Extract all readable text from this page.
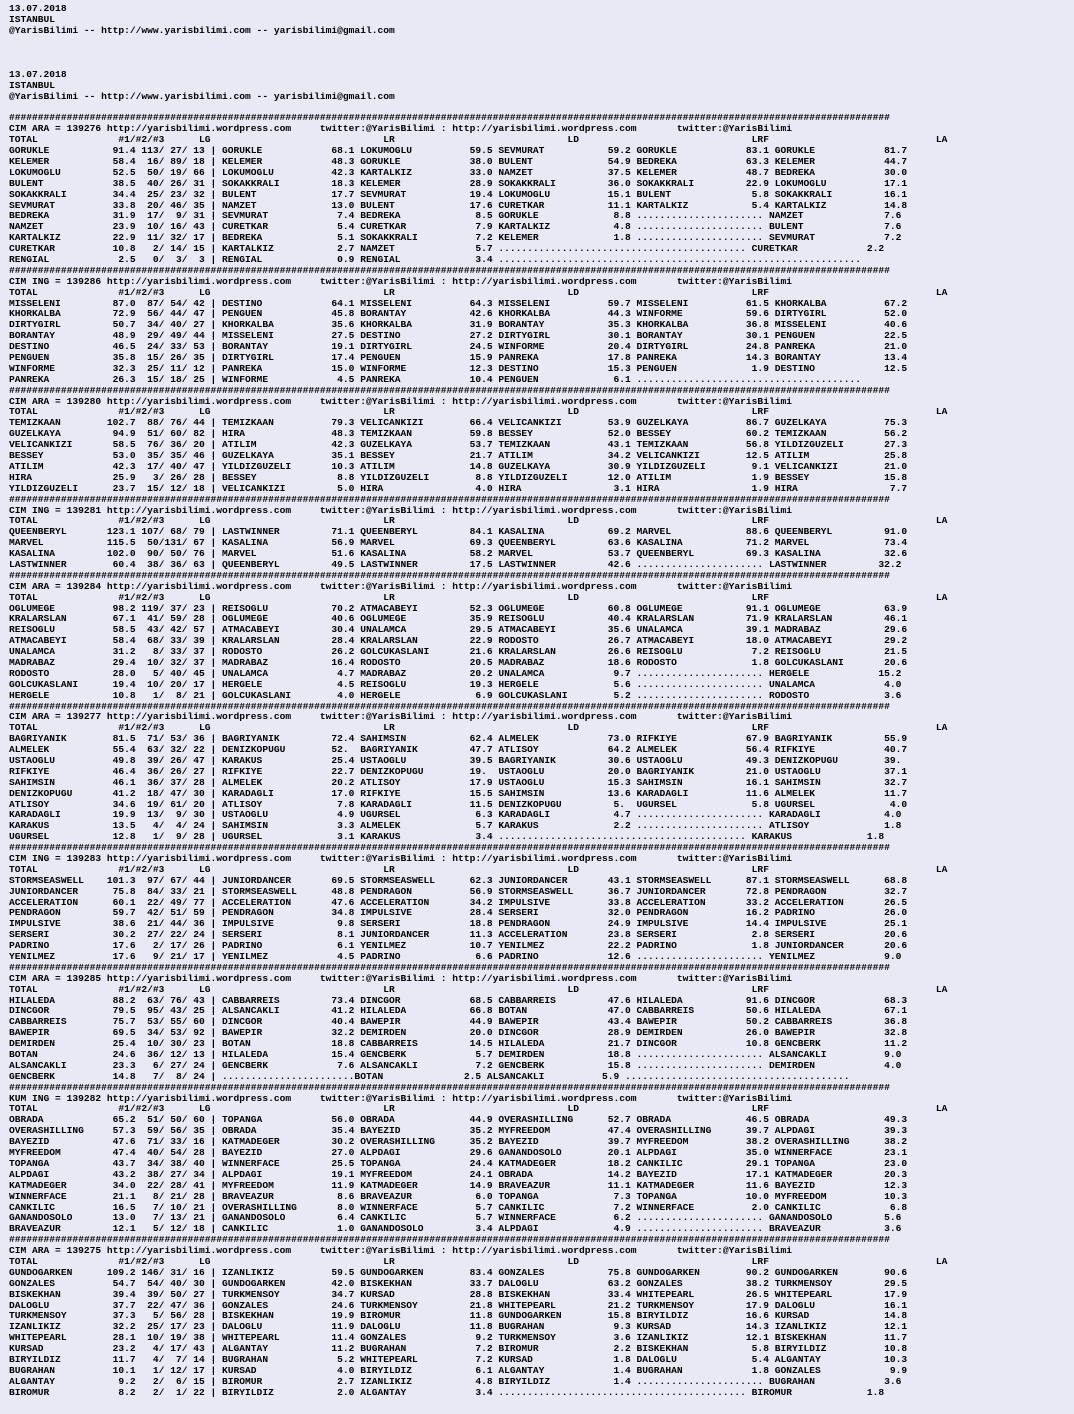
13.07.2018
ISTANBUL
@YarisBilimi -- http://www.yarisbilimi.com -- yarisbilimi@gmail.com
13.07.2018
ISTANBUL
@YarisBilimi -- http://www.yarisbilimi.com -- yarisbilimi@gmail.com
#########################################################################################################################################################
CIM ARA = 139276 http://yarisbilimi.wordpress.com     twitter:@YarisBilimi : http://yarisbilimi.wordpress.com       twitter:@YarisBilimi
TOTAL              #1/#2/#3      LG                              LR                              LD                              LRF                             LA
GORUKLE           91.4 113/ 27/ 13 | GORUKLE            68.1 LOKUMOGLU          59.5 SEVMURAT           59.2 GORUKLE            83.1 GORUKLE            81.7
KELEMER           58.4  16/ 89/ 18 | KELEMER            48.3 GORUKLE            38.0 BULENT             54.9 BEDREKA            63.3 KELEMER            44.7
LOKUMOGLU         52.5  50/ 19/ 66 | LOKUMOGLU          42.3 KARTALKIZ          33.0 NAMZET             37.5 KELEMER            48.7 BEDREKA            30.0
BULENT            38.5  40/ 26/ 31 | SOKAKKRALI         18.3 KELEMER            28.9 SOKAKKRALI         36.0 SOKAKKRALI         22.9 LOKUMOGLU          17.1
SOKAKKRALI        34.4  25/ 23/ 32 | BULENT             17.7 SEVMURAT           19.4 LOKUMOGLU          15.1 BULENT              5.8 SOKAKKRALI         16.1
SEVMURAT          33.8  20/ 46/ 35 | NAMZET             13.0 BULENT             17.6 CURETKAR           11.1 KARTALKIZ           5.4 KARTALKIZ          14.8
BEDREKA           31.9  17/  9/ 31 | SEVMURAT            7.4 BEDREKA             8.5 GORUKLE             8.8 ...................... NAMZET              7.6
NAMZET            23.9  10/ 16/ 43 | CURETKAR            5.4 CURETKAR            7.9 KARTALKIZ           4.8 ...................... BULENT              7.6
KARTALKIZ         22.9  11/ 32/ 17 | BEDREKA             5.1 SOKAKKRALI          7.2 KELEMER             1.8 ...................... SEVMURAT            7.2
CURETKAR          10.8   2/ 14/ 15 | KARTALKIZ           2.7 NAMZET              5.7 ........................................... CURETKAR            2.2
RENGIAL            2.5   0/  3/  3 | RENGIAL             0.9 RENGIAL             3.4 ...............................................................
#########################################################################################################################################################
CIM ING = 139286 http://yarisbilimi.wordpress.com     twitter:@YarisBilimi : http://yarisbilimi.wordpress.com       twitter:@YarisBilimi
TOTAL              #1/#2/#3      LG                              LR                              LD                              LRF                             LA
MISSELENI         87.0  87/ 54/ 42 | DESTINO            64.1 MISSELENI          64.3 MISSELENI          59.7 MISSELENI          61.5 KHORKALBA          67.2
KHORKALBA         72.9  56/ 44/ 47 | PENGUEN            45.8 BORANTAY           42.6 KHORKALBA          44.3 WINFORME           59.6 DIRTYGIRL          52.0
DIRTYGIRL         50.7  34/ 40/ 27 | KHORKALBA          35.6 KHORKALBA          31.9 BORANTAY           35.3 KHORKALBA          36.8 MISSELENI          40.6
BORANTAY          48.9  29/ 49/ 44 | MISSELENI          27.5 DESTINO            27.2 DIRTYGIRL          30.1 BORANTAY           30.1 PENGUEN            22.5
DESTINO           46.5  24/ 33/ 53 | BORANTAY           19.1 DIRTYGIRL          24.5 WINFORME           20.4 DIRTYGIRL          24.8 PANREKA            21.0
PENGUEN           35.8  15/ 26/ 35 | DIRTYGIRL          17.4 PENGUEN            15.9 PANREKA            17.8 PANREKA            14.3 BORANTAY           13.4
WINFORME          32.3  25/ 11/ 12 | PANREKA            15.0 WINFORME           12.3 DESTINO            15.3 PENGUEN             1.9 DESTINO            12.5
PANREKA           26.3  15/ 18/ 25 | WINFORME            4.5 PANREKA            10.4 PENGUEN             6.1 .......................................
#########################################################################################################################################################
CIM ARA = 139280 http://yarisbilimi.wordpress.com     twitter:@YarisBilimi : http://yarisbilimi.wordpress.com       twitter:@YarisBilimi
TOTAL              #1/#2/#3      LG                              LR                              LD                              LRF                             LA
TEMIZKAAN        102.7  88/ 76/ 44 | TEMIZKAAN          79.3 VELICANKIZI        66.4 VELICANKIZI        53.9 GUZELKAYA          86.7 GUZELKAYA          75.3
GUZELKAYA         94.9  51/ 60/ 82 | HIRA               48.3 TEMIZKAAN          59.8 BESSEY             52.0 BESSEY             60.2 TEMIZKAAN          56.2
VELICANKIZI       58.5  76/ 36/ 20 | ATILIM             42.3 GUZELKAYA          53.7 TEMIZKAAN          43.1 TEMIZKAAN          56.8 YILDIZGUZELI       27.3
BESSEY            53.0  35/ 35/ 46 | GUZELKAYA          35.1 BESSEY             21.7 ATILIM             34.2 VELICANKIZI        12.5 ATILIM             25.8
ATILIM            42.3  17/ 40/ 47 | YILDIZGUZELI       10.3 ATILIM             14.8 GUZELKAYA          30.9 YILDIZGUZELI        9.1 VELICANKIZI        21.0
HIRA              25.9   3/ 26/ 28 | BESSEY              8.8 YILDIZGUZELI        8.8 YILDIZGUZELI       12.0 ATILIM              1.9 BESSEY             15.8
YILDIZGUZELI      23.7  15/ 12/ 18 | VELICANKIZI         5.0 HIRA                4.0 HIRA                3.1 HIRA                1.9 HIRA                7.7
#########################################################################################################################################################
CIM ING = 139281 http://yarisbilimi.wordpress.com     twitter:@YarisBilimi : http://yarisbilimi.wordpress.com       twitter:@YarisBilimi
TOTAL              #1/#2/#3      LG                              LR                              LD                              LRF                             LA
QUEENBERYL       123.1 107/ 68/ 79 | LASTWINNER         71.1 QUEENBERYL         84.1 KASALINA           69.2 MARVEL             88.6 QUEENBERYL         91.0
MARVEL           115.5  50/131/ 67 | KASALINA           56.9 MARVEL             69.3 QUEENBERYL         63.6 KASALINA           71.2 MARVEL             73.4
KASALINA         102.0  90/ 50/ 76 | MARVEL             51.6 KASALINA           58.2 MARVEL             53.7 QUEENBERYL         69.3 KASALINA           32.6
LASTWINNER        60.4  38/ 36/ 63 | QUEENBERYL         49.5 LASTWINNER         17.5 LASTWINNER         42.6 ...................... LASTWINNER         32.2
#########################################################################################################################################################
CIM ARA = 139284 http://yarisbilimi.wordpress.com     twitter:@YarisBilimi : http://yarisbilimi.wordpress.com       twitter:@YarisBilimi
TOTAL              #1/#2/#3      LG                              LR                              LD                              LRF                             LA
OGLUMEGE          98.2 119/ 37/ 23 | REISOGLU           70.2 ATMACABEYI         52.3 OGLUMEGE           60.8 OGLUMEGE           91.1 OGLUMEGE           63.9
KRALARSLAN        67.1  41/ 59/ 28 | OGLUMEGE           40.6 OGLUMEGE           35.9 REISOGLU           40.4 KRALARSLAN         71.9 KRALARSLAN         46.1
REISOGLU          58.5  43/ 42/ 57 | ATMACABEYI         30.4 UNALAMCA           29.5 ATMACABEYI         35.6 UNALAMCA           39.1 MADRABAZ           29.6
ATMACABEYI        58.4  68/ 33/ 39 | KRALARSLAN         28.4 KRALARSLAN         22.9 RODOSTO            26.7 ATMACABEYI         18.0 ATMACABEYI         29.2
UNALAMCA          31.2   8/ 33/ 37 | RODOSTO            26.2 GOLCUKASLANI       21.6 KRALARSLAN         26.6 REISOGLU            7.2 REISOGLU           21.5
MADRABAZ          29.4  10/ 32/ 37 | MADRABAZ           16.4 RODOSTO            20.5 MADRABAZ           18.6 RODOSTO             1.8 GOLCUKASLANI       20.6
RODOSTO           28.0   5/ 40/ 45 | UNALAMCA            4.7 MADRABAZ           20.2 UNALAMCA            9.7 ...................... HERGELE            15.2
GOLCUKASLANI      19.4  10/ 20/ 17 | HERGELE             4.5 REISOGLU           19.3 HERGELE             5.6 ...................... UNALAMCA            4.0
HERGELE           10.8   1/  8/ 21 | GOLCUKASLANI        4.0 HERGELE             6.9 GOLCUKASLANI        5.2 ...................... RODOSTO             3.6
#########################################################################################################################################################
CIM ARA = 139277 http://yarisbilimi.wordpress.com     twitter:@YarisBilimi : http://yarisbilimi.wordpress.com       twitter:@YarisBilimi
TOTAL              #1/#2/#3      LG                              LR                              LD                              LRF                             LA
BAGRIYANIK        81.5  71/ 53/ 36 | BAGRIYANIK         72.4 SAHIMSIN           62.4 ALMELEK            73.0 RIFKIYE            67.9 BAGRIYANIK         55.9
ALMELEK           55.4  63/ 32/ 22 | DENIZKOPUGU        52.  BAGRIYANIK         47.7 ATLISOY            64.2 ALMELEK            56.4 RIFKIYE            40.7
USTAOGLU          49.8  39/ 26/ 47 | KARAKUS            25.4 USTAOGLU           39.5 BAGRIYANIK         30.6 USTAOGLU           49.3 DENIZKOPUGU        39.
RIFKIYE           46.4  36/ 26/ 27 | RIFKIYE            22.7 DENIZKOPUGU        19.  USTAOGLU           20.0 BAGRIYANIK         21.0 USTAOGLU           37.1
SAHIMSIN          46.1  36/ 37/ 28 | ALMELEK            20.2 ATLISOY            17.9 USTAOGLU           15.3 SAHIMSIN           16.1 SAHIMSIN           32.7
DENIZKOPUGU       41.2  18/ 47/ 30 | KARADAGLI          17.0 RIFKIYE            15.5 SAHIMSIN           13.6 KARADAGLI          11.6 ALMELEK            11.7
ATLISOY           34.6  19/ 61/ 20 | ATLISOY             7.8 KARADAGLI          11.5 DENIZKOPUGU         5.  UGURSEL             5.8 UGURSEL             4.0
KARADAGLI         19.9  13/  9/ 30 | USTAOGLU            4.9 UGURSEL             6.3 KARADAGLI           4.7 ...................... KARADAGLI           4.0
KARAKUS           13.5   4/  4/ 24 | SAHIMSIN            3.3 ALMELEK             5.7 KARAKUS             2.2 ...................... ATLISOY             1.8
UGURSEL           12.8   1/  9/ 28 | UGURSEL             3.1 KARAKUS             3.4 ........................................... KARAKUS             1.8
#########################################################################################################################################################
CIM ING = 139283 http://yarisbilimi.wordpress.com     twitter:@YarisBilimi : http://yarisbilimi.wordpress.com       twitter:@YarisBilimi
TOTAL              #1/#2/#3      LG                              LR                              LD                              LRF                             LA
STORMSEASWELL    101.3  97/ 67/ 44 | JUNIORDANCER       69.5 STORMSEASWELL      62.3 JUNIORDANCER       43.1 STORMSEASWELL      87.1 STORMSEASWELL      68.8
JUNIORDANCER      75.8  84/ 33/ 21 | STORMSEASWELL      48.8 PENDRAGON          56.9 STORMSEASWELL      36.7 JUNIORDANCER       72.8 PENDRAGON          32.7
ACCELERATION      60.1  22/ 49/ 77 | ACCELERATION       47.6 ACCELERATION       34.2 IMPULSIVE          33.8 ACCELERATION       33.2 ACCELERATION       26.5
PENDRAGON         59.7  42/ 51/ 59 | PENDRAGON          34.8 IMPULSIVE          28.4 SERSERI            32.0 PENDRAGON          16.2 PADRINO            26.0
IMPULSIVE         38.6  21/ 44/ 36 | IMPULSIVE           9.8 SERSERI            18.8 PENDRAGON          24.9 IMPULSIVE          14.4 IMPULSIVE          25.1
SERSERI           30.2  27/ 22/ 24 | SERSERI             8.1 JUNIORDANCER       11.3 ACCELERATION       23.8 SERSERI             2.8 SERSERI            20.6
PADRINO           17.6   2/ 17/ 26 | PADRINO             6.1 YENILMEZ           10.7 YENILMEZ           22.2 PADRINO             1.8 JUNIORDANCER       20.6
YENILMEZ          17.6   9/ 21/ 17 | YENILMEZ            4.5 PADRINO             6.6 PADRINO            12.6 ...................... YENILMEZ            9.0
#########################################################################################################################################################
CIM ARA = 139285 http://yarisbilimi.wordpress.com     twitter:@YarisBilimi : http://yarisbilimi.wordpress.com       twitter:@YarisBilimi
TOTAL              #1/#2/#3      LG                              LR                              LD                              LRF                             LA
HILALEDA          88.2  63/ 76/ 43 | CABBARREIS         73.4 DINCGOR            68.5 CABBARREIS         47.6 HILALEDA           91.6 DINCGOR            68.3
DINCGOR           79.5  95/ 43/ 25 | ALSANCAKLI         41.2 HILALEDA           66.8 BOTAN              47.0 CABBARREIS         50.6 HILALEDA           67.1
CABBARREIS        75.7  53/ 55/ 60 | DINCGOR            40.4 BAWEPIR            44.9 BAWEPIR            43.4 BAWEPIR            50.2 CABBARREIS         36.8
BAWEPIR           69.5  34/ 53/ 92 | BAWEPIR            32.2 DEMIRDEN           20.0 DINCGOR            28.9 DEMIRDEN           26.0 BAWEPIR            32.8
DEMIRDEN          25.4  10/ 30/ 23 | BOTAN              18.8 CABBARREIS         14.5 HILALEDA           21.7 DINCGOR            10.8 GENCBERK           11.2
BOTAN             24.6  36/ 12/ 13 | HILALEDA           15.4 GENCBERK            5.7 DEMIRDEN           18.8 ...................... ALSANCAKLI          9.0
ALSANCAKLI        23.3   6/ 27/ 24 | GENCBERK            7.6 ALSANCAKLI          7.2 GENCBERK           15.8 ...................... DEMIRDEN            4.0
GENCBERK          14.8   7/  8/ 24 | .......................BOTAN              2.5 ALSANCAKLI          5.9 .......................................
#########################################################################################################################################################
KUM ING = 139282 http://yarisbilimi.wordpress.com     twitter:@YarisBilimi : http://yarisbilimi.wordpress.com       twitter:@YarisBilimi
TOTAL              #1/#2/#3      LG                              LR                              LD                              LRF                             LA
OBRADA            65.2  51/ 50/ 60 | TOPANGA            56.0 OBRADA             44.9 OVERASHILLING      52.7 OBRADA             46.5 OBRADA             49.3
OVERASHILLING     57.3  59/ 56/ 35 | OBRADA             35.4 BAYEZID            35.2 MYFREEDOM          47.4 OVERASHILLING      39.7 ALPDAGI            39.3
BAYEZID           47.6  71/ 33/ 16 | KATMADEGER         30.2 OVERASHILLING      35.2 BAYEZID            39.7 MYFREEDOM          38.2 OVERASHILLING      38.2
MYFREEDOM         47.4  40/ 54/ 28 | BAYEZID            27.0 ALPDAGI            29.6 GANANDOSOLO        20.1 ALPDAGI            35.0 WINNERFACE         23.1
TOPANGA           43.7  34/ 38/ 40 | WINNERFACE         25.5 TOPANGA            24.4 KATMADEGER         18.2 CANKILIC           29.1 TOPANGA            23.0
ALPDAGI           43.2  38/ 27/ 34 | ALPDAGI            19.1 MYFREEDOM          24.1 OBRADA             14.2 BAYEZID            17.1 KATMADEGER         20.3
KATMADEGER        34.0  22/ 28/ 41 | MYFREEDOM          11.9 KATMADEGER         14.9 BRAVEAZUR          11.1 KATMADEGER         11.6 BAYEZID            12.3
WINNERFACE        21.1   8/ 21/ 28 | BRAVEAZUR           8.6 BRAVEAZUR           6.0 TOPANGA             7.3 TOPANGA            10.0 MYFREEDOM          10.3
CANKILIC          16.5   7/ 10/ 21 | OVERASHILLING       8.0 WINNERFACE          5.7 CANKILIC            7.2 WINNERFACE          2.0 CANKILIC            6.8
GANANDOSOLO       13.0   7/ 13/ 21 | GANANDOSOLO         6.4 CANKILIC            5.7 WINNERFACE          6.2 ...................... GANANDOSOLO         5.6
BRAVEAZUR         12.1   5/ 12/ 18 | CANKILIC            1.0 GANANDOSOLO         3.4 ALPDAGI             4.9 ...................... BRAVEAZUR           3.6
#########################################################################################################################################################
CIM ARA = 139275 http://yarisbilimi.wordpress.com     twitter:@YarisBilimi : http://yarisbilimi.wordpress.com       twitter:@YarisBilimi
TOTAL              #1/#2/#3      LG                              LR                              LD                              LRF                             LA
GUNDOGARKEN      109.2 146/ 31/ 16 | IZANLIKIZ          59.5 GUNDOGARKEN        83.4 GONZALES           75.8 GUNDOGARKEN        90.2 GUNDOGARKEN        90.6
GONZALES          54.7  54/ 40/ 30 | GUNDOGARKEN        42.0 BISKEKHAN          33.7 DALOGLU            63.2 GONZALES           38.2 TURKMENSOY         29.5
BISKEKHAN         39.4  39/ 50/ 27 | TURKMENSOY         34.7 KURSAD             28.8 BISKEKHAN          33.4 WHITEPEARL         26.5 WHITEPEARL         17.9
DALOGLU           37.7  22/ 47/ 36 | GONZALES           24.6 TURKMENSOY         21.8 WHITEPEARL         21.2 TURKMENSOY         17.9 DALOGLU            16.1
TURKMENSOY        37.3   5/ 56/ 28 | BISKEKHAN          19.9 BIROMUR            11.8 GUNDOGARKEN        15.8 BIRYILDIZ          16.6 KURSAD             14.8
IZANLIKIZ         32.2  25/ 17/ 23 | DALOGLU            11.9 DALOGLU            11.8 BUGRAHAN            9.3 KURSAD             14.3 IZANLIKIZ          12.1
WHITEPEARL        28.1  10/ 19/ 38 | WHITEPEARL         11.4 GONZALES            9.2 TURKMENSOY          3.6 IZANLIKIZ          12.1 BISKEKHAN          11.7
KURSAD            23.2   4/ 17/ 43 | ALGANTAY           11.2 BUGRAHAN            7.2 BIROMUR             2.2 BISKEKHAN           5.8 BIRYILDIZ          10.8
BIRYILDIZ         11.7   4/  7/ 14 | BUGRAHAN            5.2 WHITEPEARL          7.2 KURSAD              1.8 DALOGLU             5.4 ALGANTAY           10.3
BUGRAHAN          10.1   1/ 12/ 17 | KURSAD              4.0 BIRYILDIZ           6.1 ALGANTAY            1.4 BUGRAHAN            1.8 GONZALES            9.9
ALGANTAY           9.2   2/  6/ 15 | BIROMUR             2.7 IZANLIKIZ           4.8 BIRYILDIZ           1.4 ...................... BUGRAHAN            3.6
BIROMUR            8.2   2/  1/ 22 | BIRYILDIZ           2.0 ALGANTAY            3.4 ........................................... BIROMUR             1.8
